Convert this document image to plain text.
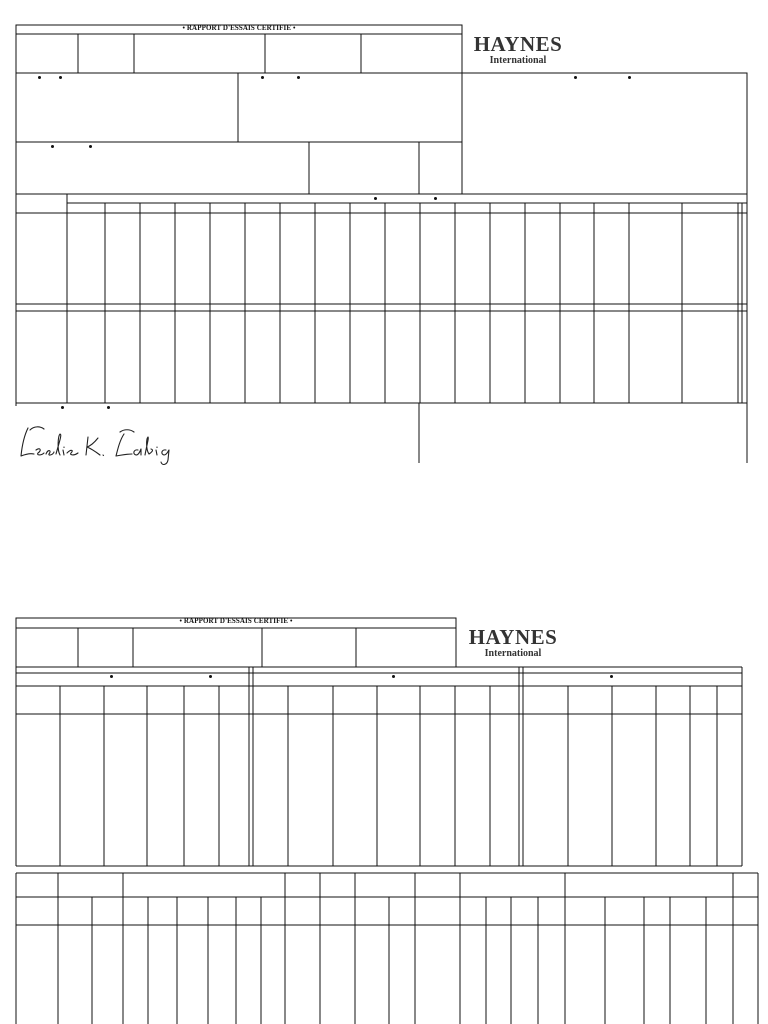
• RAPPORT D'ESSAIS CERTIFIE •
HAYNES
International
• RAPPORT D'ESSAIS CERTIFIE •
HAYNES
International
